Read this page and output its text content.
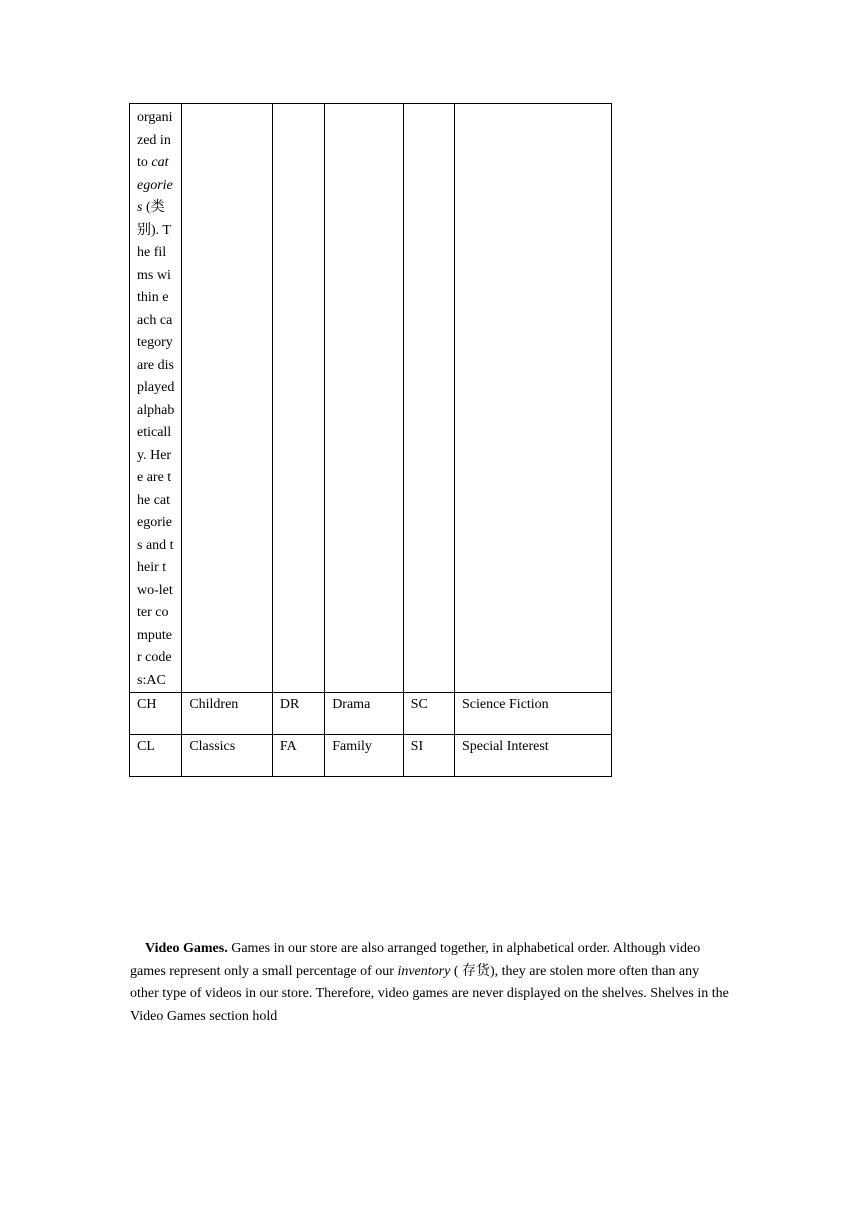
organized into categories (类别). The films within each category are displayed alphabetically. Here are the categories and their two-letter computer codes:AC					
CH	Children	DR	Drama	SC	Science Fiction
CL	Classics	FA	Family	SI	Special Interest

Video Games. Games in our store are also arranged together, in alphabetical order. Although video games represent only a small percentage of our inventory ( 存货), they are stolen more often than any other type of videos in our store. Therefore, video games are never displayed on the shelves. Shelves in the Video Games section hold
